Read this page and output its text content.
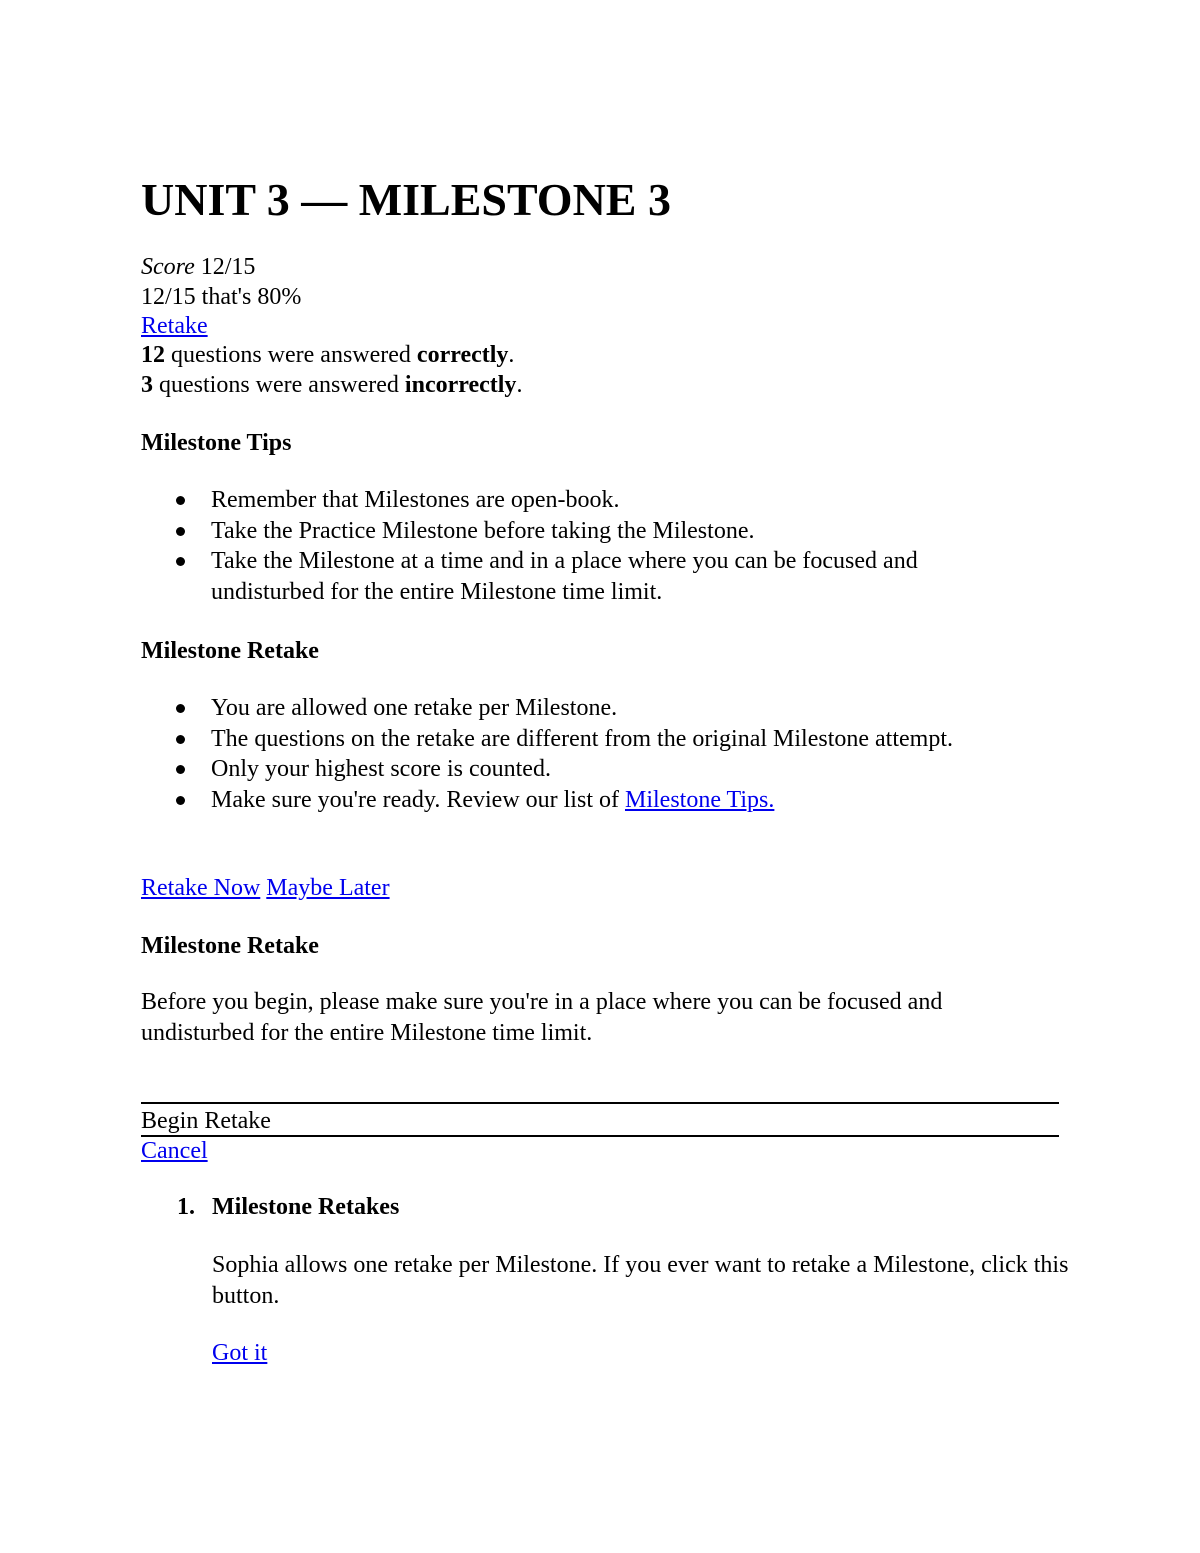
UNIT 3 — MILESTONE 3
Score 12/15
12/15 that's 80%
Retake
12 questions were answered correctly.
3 questions were answered incorrectly.
Milestone Tips
Remember that Milestones are open-book.
Take the Practice Milestone before taking the Milestone.
Take the Milestone at a time and in a place where you can be focused and undisturbed for the entire Milestone time limit.
Milestone Retake
You are allowed one retake per Milestone.
The questions on the retake are different from the original Milestone attempt.
Only your highest score is counted.
Make sure you're ready. Review our list of Milestone Tips.
Retake Now Maybe Later
Milestone Retake

Before you begin, please make sure you're in a place where you can be focused and undisturbed for the entire Milestone time limit.

Begin Retake
Cancel
1. Milestone Retakes

Sophia allows one retake per Milestone. If you ever want to retake a Milestone, click this button.

Got it
